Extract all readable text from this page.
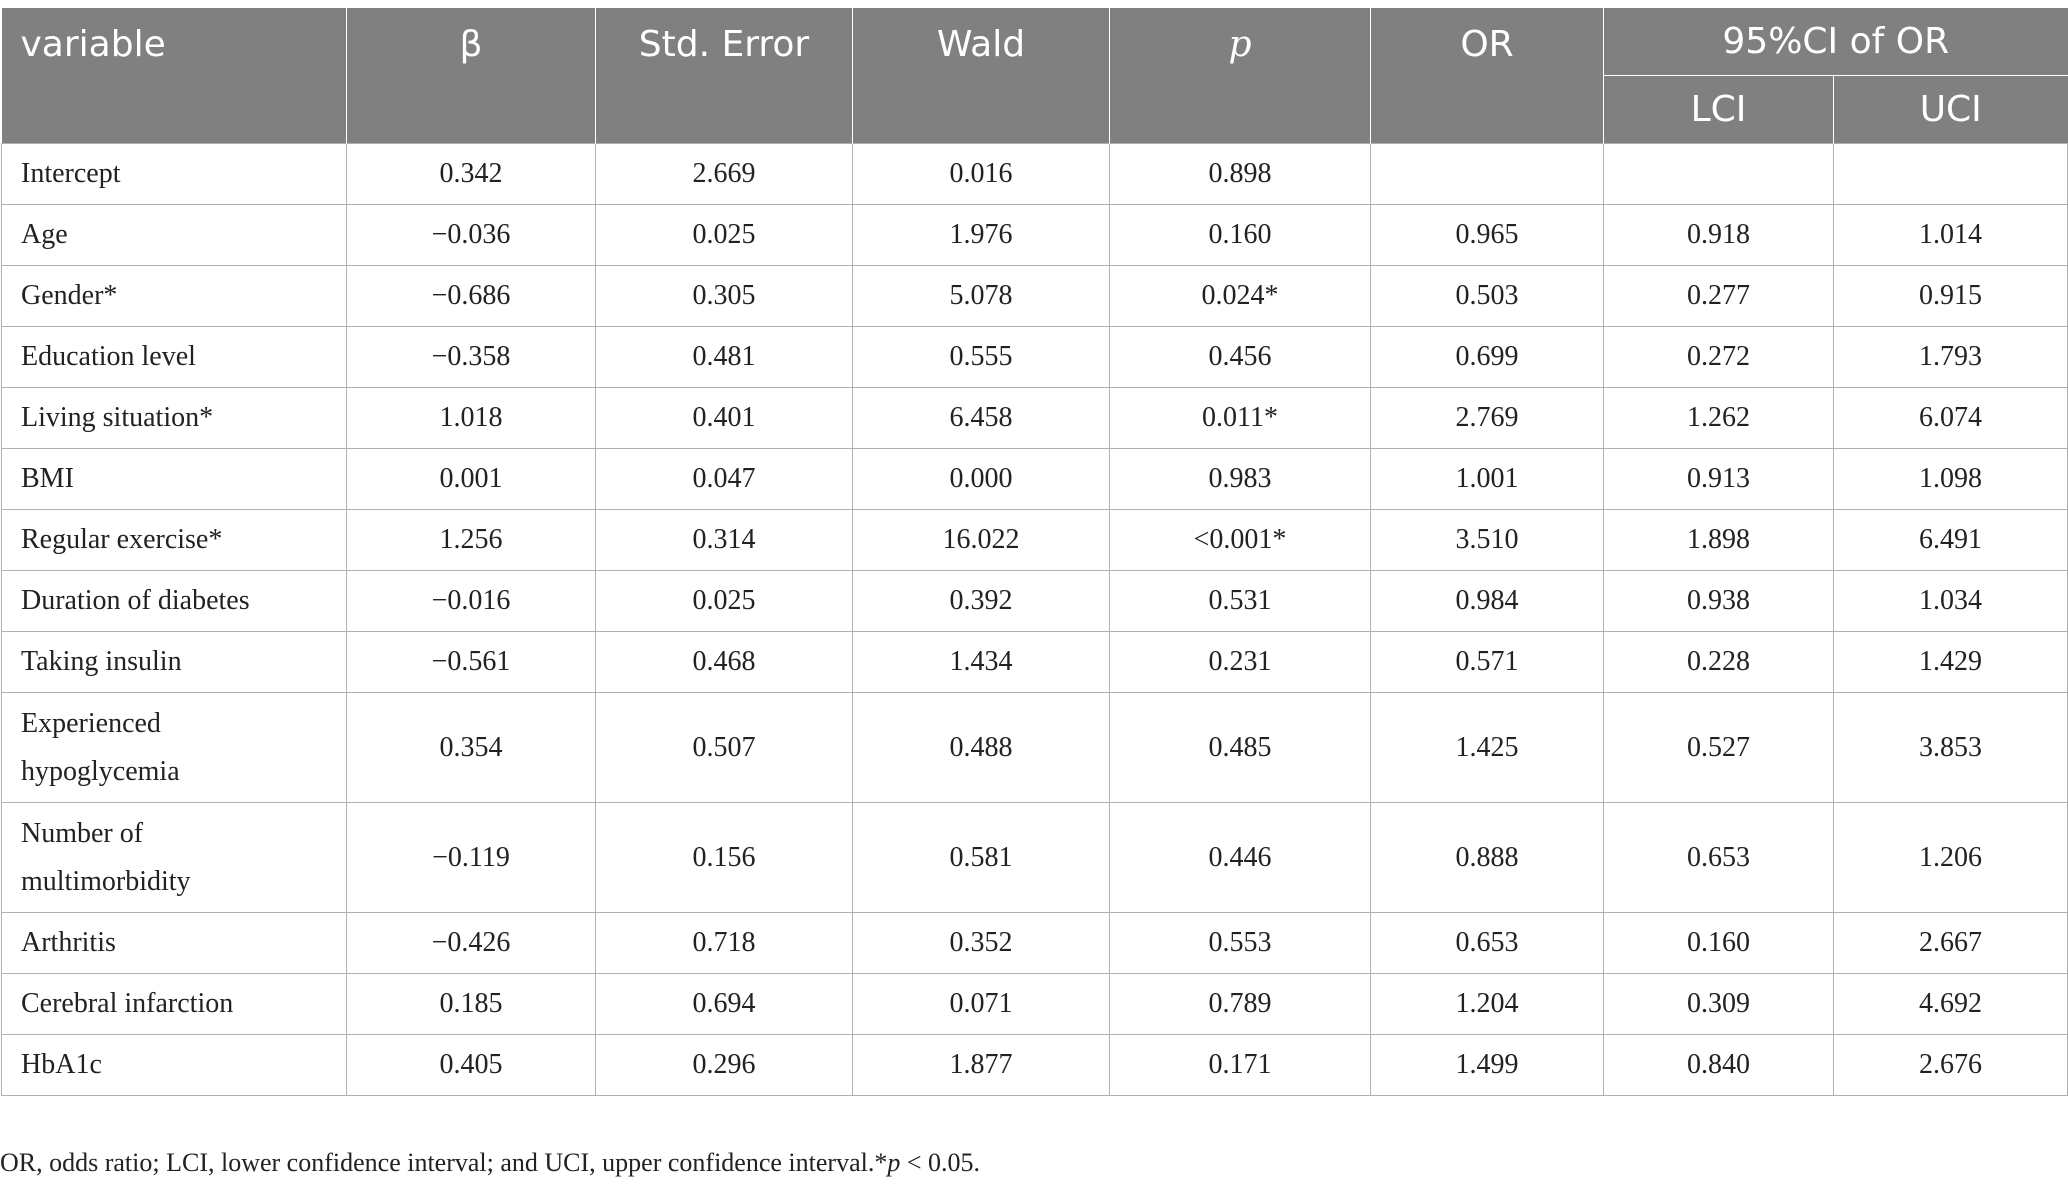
variable	β	Std. Error	Wald	p	OR	95%CI of OR	
						LCI	UCI
Intercept	0.342	2.669	0.016	0.898			
Age	−0.036	0.025	1.976	0.160	0.965	0.918	1.014
Gender*	−0.686	0.305	5.078	0.024*	0.503	0.277	0.915
Education level	−0.358	0.481	0.555	0.456	0.699	0.272	1.793
Living situation*	1.018	0.401	6.458	0.011*	2.769	1.262	6.074
BMI	0.001	0.047	0.000	0.983	1.001	0.913	1.098
Regular exercise*	1.256	0.314	16.022	<0.001*	3.510	1.898	6.491
Duration of diabetes	−0.016	0.025	0.392	0.531	0.984	0.938	1.034
Taking insulin	−0.561	0.468	1.434	0.231	0.571	0.228	1.429
Experienced
hypoglycemia	0.354	0.507	0.488	0.485	1.425	0.527	3.853
Number of
multimorbidity	−0.119	0.156	0.581	0.446	0.888	0.653	1.206
Arthritis	−0.426	0.718	0.352	0.553	0.653	0.160	2.667
Cerebral infarction	0.185	0.694	0.071	0.789	1.204	0.309	4.692
HbA1c	0.405	0.296	1.877	0.171	1.499	0.840	2.676
OR, odds ratio; LCI, lower confidence interval; and UCI, upper confidence interval.*p < 0.05.
